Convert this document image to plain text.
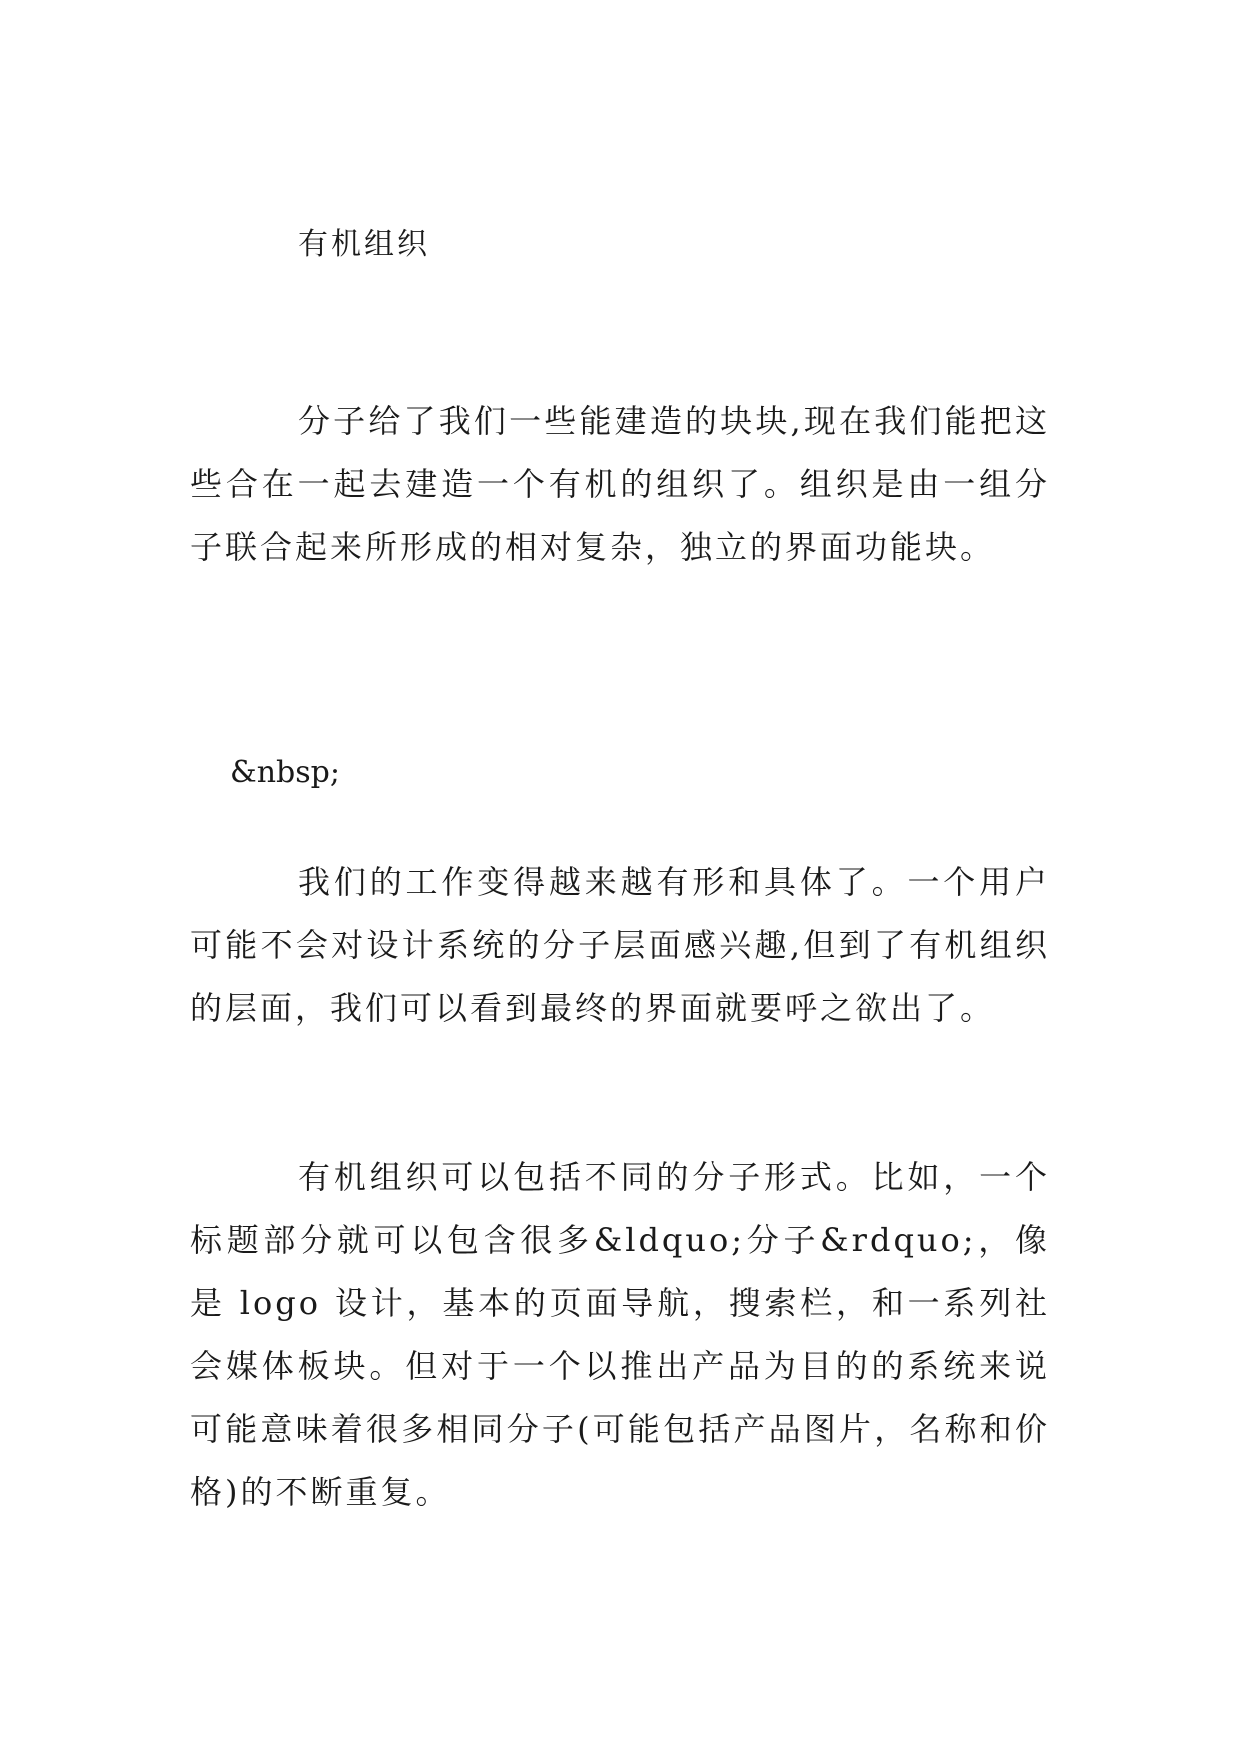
有机组织

分子给了我们一些能建造的块块,现在我们能把这些合在一起去建造一个有机的组织了。组织是由一组分子联合起来所形成的相对复杂，独立的界面功能块。

&nbsp;

我们的工作变得越来越有形和具体了。一个用户可能不会对设计系统的分子层面感兴趣,但到了有机组织的层面，我们可以看到最终的界面就要呼之欲出了。

有机组织可以包括不同的分子形式。比如，一个标题部分就可以包含很多&ldquo;分子&rdquo;，像是 logo 设计，基本的页面导航，搜索栏，和一系列社会媒体板块。但对于一个以推出产品为目的的系统来说可能意味着很多相同分子(可能包括产品图片，名称和价格)的不断重复。
